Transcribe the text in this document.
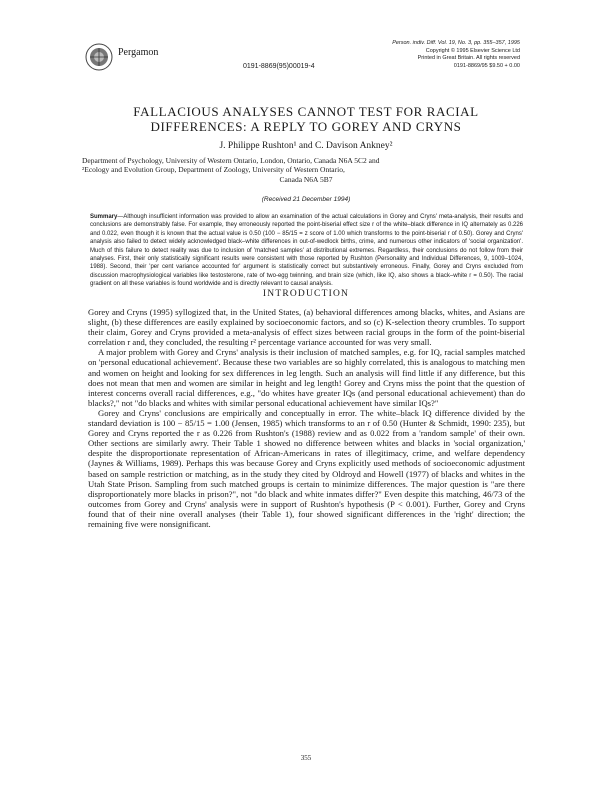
Pergamon
0191-8869(95)00019-4
Person. indiv. Diff. Vol. 19, No. 3, pp. 355–357, 1995
Copyright © 1995 Elsevier Science Ltd
Printed in Great Britain. All rights reserved
0191-8869/95 $9.50 + 0.00
FALLACIOUS ANALYSES CANNOT TEST FOR RACIAL
DIFFERENCES: A REPLY TO GOREY AND CRYNS
J. Philippe Rushton¹ and C. Davison Ankney²
Department of Psychology, University of Western Ontario, London, Ontario, Canada N6A 5C2 and
²Ecology and Evolution Group, Department of Zoology, University of Western Ontario,
Canada N6A 5B7
(Received 21 December 1994)

Summary—Although insufficient information was provided to allow an examination of the actual calculations in Gorey and Cryns' meta-analysis, their results and conclusions are demonstrably false. For example, they erroneously reported the point-biserial effect size r of the white–black difference in IQ alternately as 0.226 and 0.022, even though it is known that the actual value is 0.50 (100 − 85/15 = z score of 1.00 which transforms to the point-biserial r of 0.50). Gorey and Cryns' analysis also failed to detect widely acknowledged black–white differences in out-of-wedlock births, crime, and numerous other indicators of 'social organization'. Much of this failure to detect reality was due to inclusion of 'matched samples' at distributional extremes. Regardless, their conclusions do not follow from their analyses. First, their only statistically significant results were consistent with those reported by Rushton (Personality and Individual Differences, 9, 1009–1024, 1988). Second, their 'per cent variance accounted for' argument is statistically correct but substantively erroneous. Finally, Gorey and Cryns excluded from discussion macrophysiological variables like testosterone, rate of two-egg twinning, and brain size (which, like IQ, also shows a black–white r = 0.50). The racial gradient on all these variables is found worldwide and is directly relevant to causal analysis.

INTRODUCTION

Gorey and Cryns (1995) syllogized that, in the United States, (a) behavioral differences among blacks, whites, and Asians are slight, (b) these differences are easily explained by socioeconomic factors, and so (c) K-selection theory crumbles. To support their claim, Gorey and Cryns provided a meta-analysis of effect sizes between racial groups in the form of the point-biserial correlation r and, they concluded, the resulting r² percentage variance accounted for was very small.

A major problem with Gorey and Cryns' analysis is their inclusion of matched samples, e.g. for IQ, racial samples matched on 'personal educational achievement'. Because these two variables are so highly correlated, this is analogous to matching men and women on height and looking for sex differences in leg length. Such an analysis will find little if any difference, but this does not mean that men and women are similar in height and leg length! Gorey and Cryns miss the point that the question of interest concerns overall racial differences, e.g., "do whites have greater IQs (and personal educational achievement) than do blacks?," not "do blacks and whites with similar personal educational achievement have similar IQs?"

Gorey and Cryns' conclusions are empirically and conceptually in error. The white–black IQ difference divided by the standard deviation is 100 − 85/15 = 1.00 (Jensen, 1985) which transforms to an r of 0.50 (Hunter & Schmidt, 1990: 235), but Gorey and Cryns reported the r as 0.226 from Rushton's (1988) review and as 0.022 from a 'random sample' of their own. Other sections are similarly awry. Their Table 1 showed no difference between whites and blacks in 'social organization,' despite the disproportionate representation of African-Americans in rates of illegitimacy, crime, and welfare dependency (Jaynes & Williams, 1989). Perhaps this was because Gorey and Cryns explicitly used methods of socioeconomic adjustment based on sample restriction or matching, as in the study they cited by Oldroyd and Howell (1977) of blacks and whites in the Utah State Prison. Sampling from such matched groups is certain to minimize differences. The major question is "are there disproportionately more blacks in prison?", not "do black and white inmates differ?" Even despite this matching, 46/73 of the outcomes from Gorey and Cryns' analysis were in support of Rushton's hypothesis (P < 0.001). Further, Gorey and Cryns found that of their nine overall analyses (their Table 1), four showed significant differences in the 'right' direction; the remaining five were nonsignificant.

355
